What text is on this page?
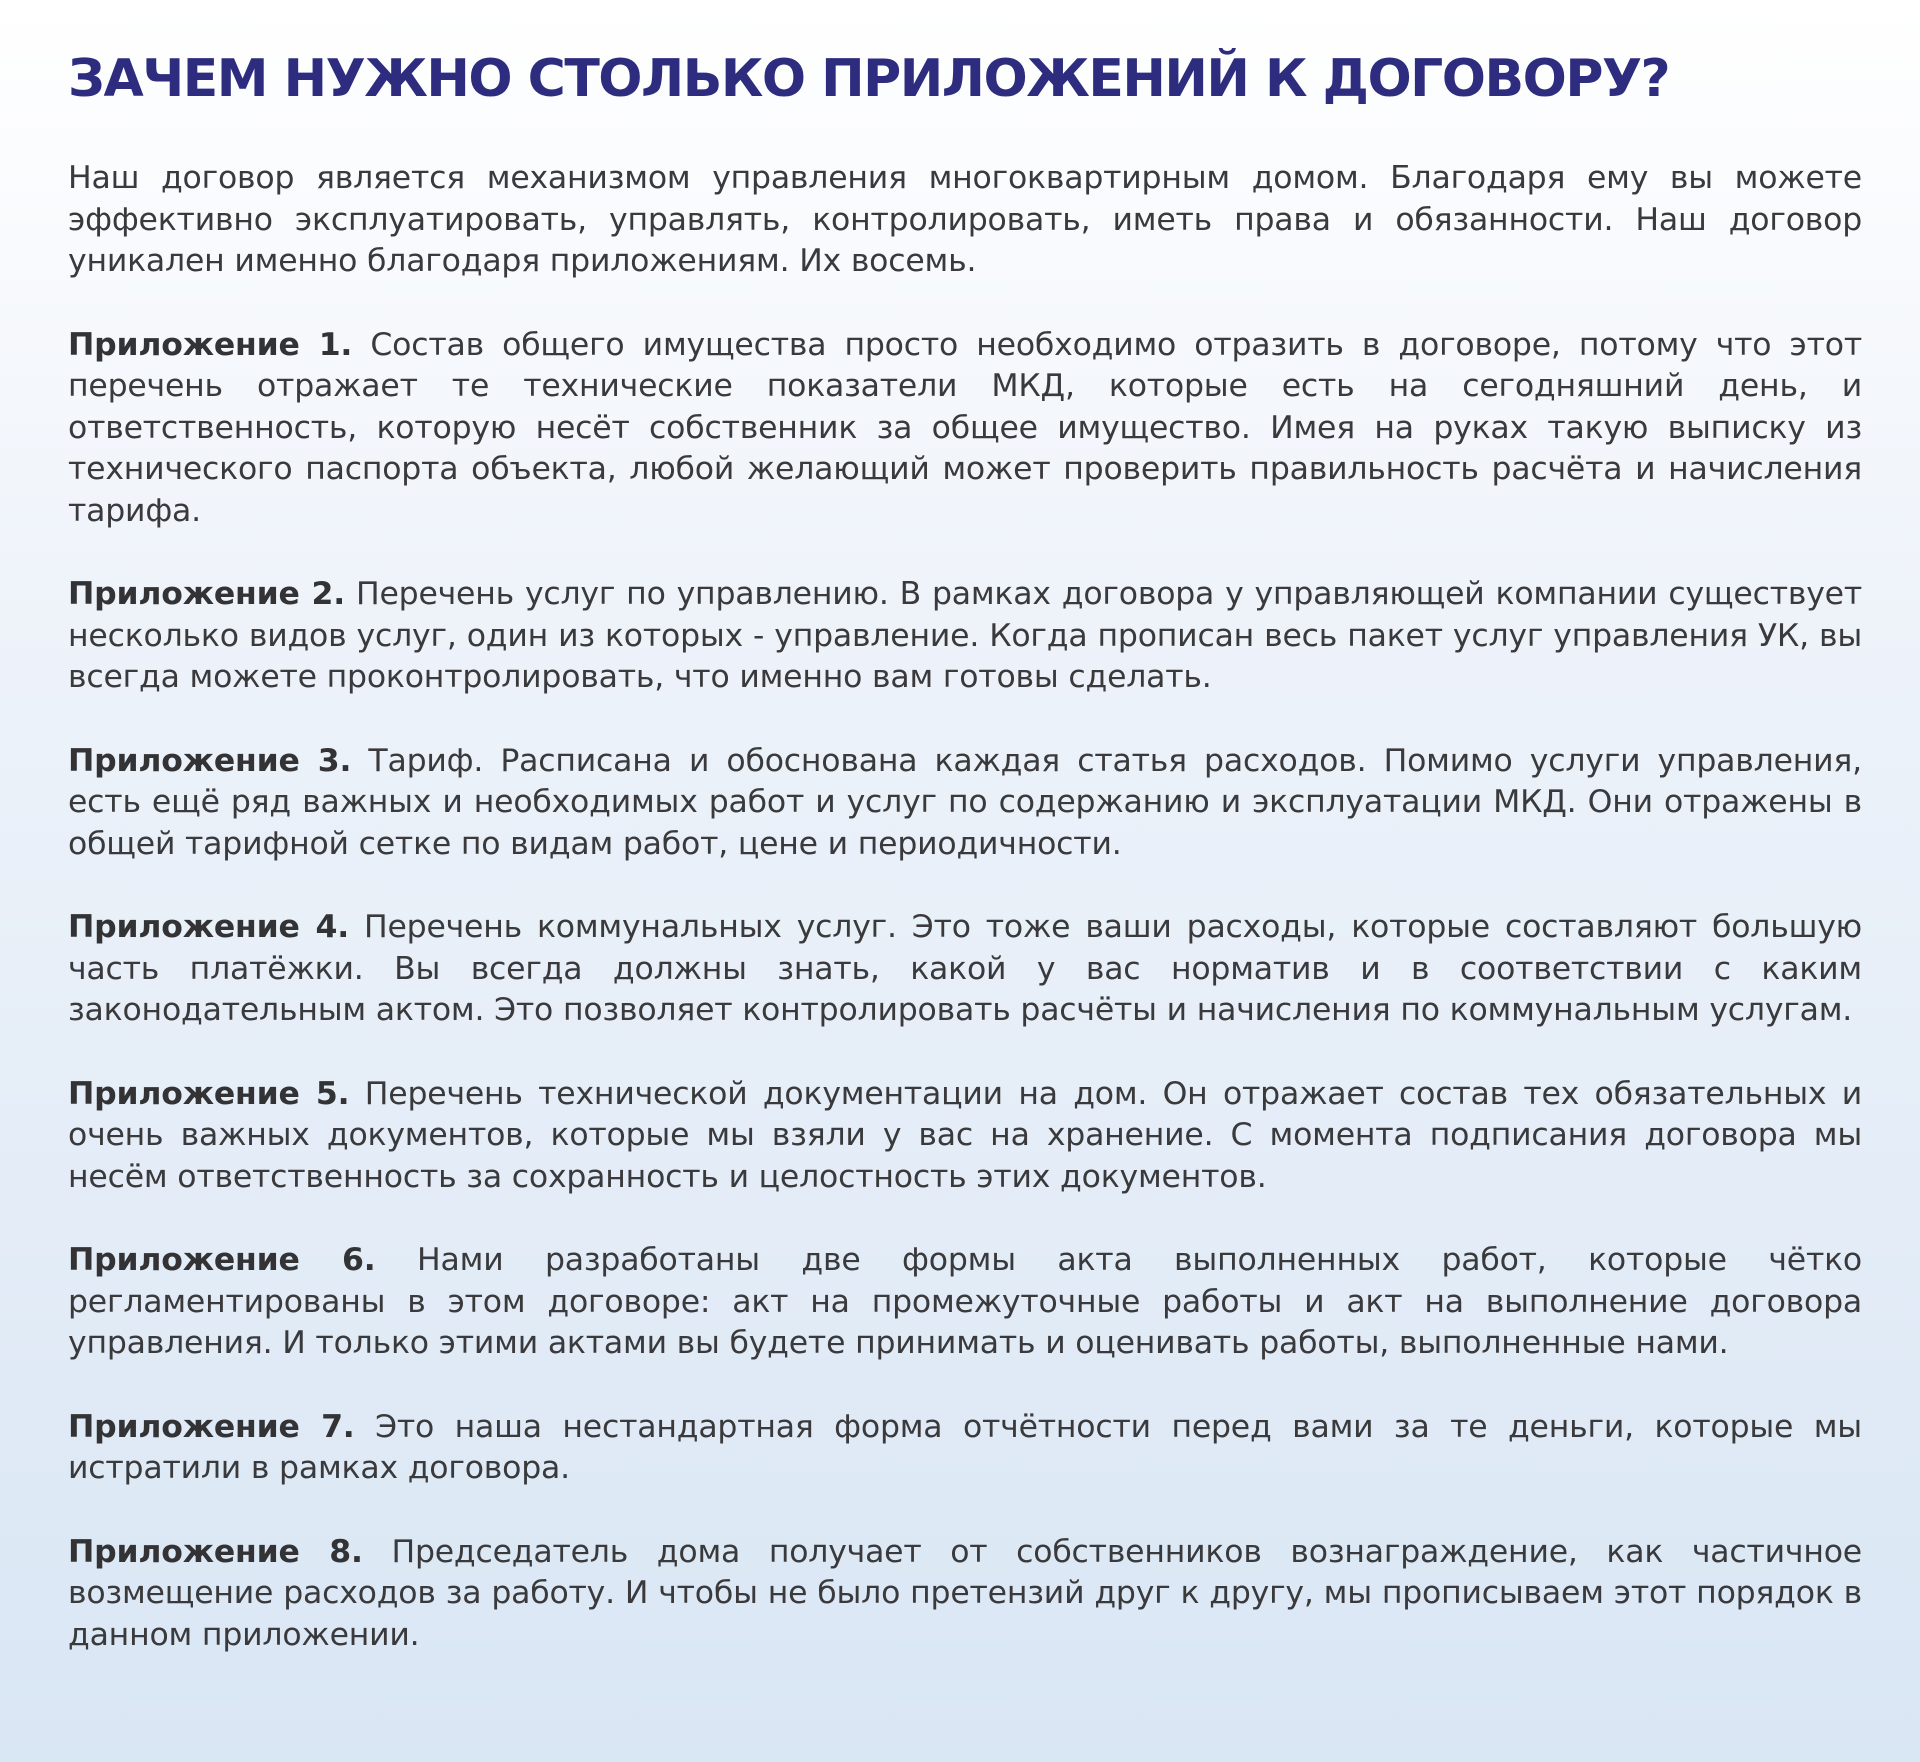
ЗАЧЕМ НУЖНО СТОЛЬКО ПРИЛОЖЕНИЙ К ДОГОВОРУ?

Наш договор является механизмом управления многоквартирным домом. Благодаря ему вы можете эффективно эксплуатировать, управлять, контролировать, иметь права и обязанности. Наш договор уникален именно благодаря приложениям. Их восемь.

Приложение 1. Состав общего имущества просто необходимо отразить в договоре, потому что этот перечень отражает те технические показатели МКД, которые есть на сегодняшний день, и ответственность, которую несёт собственник за общее имущество. Имея на руках такую выписку из технического паспорта объекта, любой желающий может проверить правильность расчёта и начисления тарифа.

Приложение 2. Перечень услуг по управлению. В рамках договора у управляющей компании существует несколько видов услуг, один из которых - управление. Когда прописан весь пакет услуг управления УК, вы всегда можете проконтролировать, что именно вам готовы сделать.

Приложение 3. Тариф. Расписана и обоснована каждая статья расходов. Помимо услуги управления, есть ещё ряд важных и необходимых работ и услуг по содержанию и эксплуатации МКД. Они отражены в общей тарифной сетке по видам работ, цене и периодичности.

Приложение 4. Перечень коммунальных услуг. Это тоже ваши расходы, которые составляют большую часть платёжки. Вы всегда должны знать, какой у вас норматив и в соответствии с каким законодательным актом. Это позволяет контролировать расчёты и начисления по коммунальным услугам.

Приложение 5. Перечень технической документации на дом. Он отражает состав тех обязательных и очень важных документов, которые мы взяли у вас на хранение. С момента подписания договора мы несём ответственность за сохранность и целостность этих документов.

Приложение 6. Нами разработаны две формы акта выполненных работ, которые чётко регламентированы в этом договоре: акт на промежуточные работы и акт на выполнение договора управления. И только этими актами вы будете принимать и оценивать работы, выполненные нами.

Приложение 7. Это наша нестандартная форма отчётности перед вами за те деньги, которые мы истратили в рамках договора.

Приложение 8. Председатель дома получает от собственников вознаграждение, как частичное возмещение расходов за работу. И чтобы не было претензий друг к другу, мы прописываем этот порядок в данном приложении.
